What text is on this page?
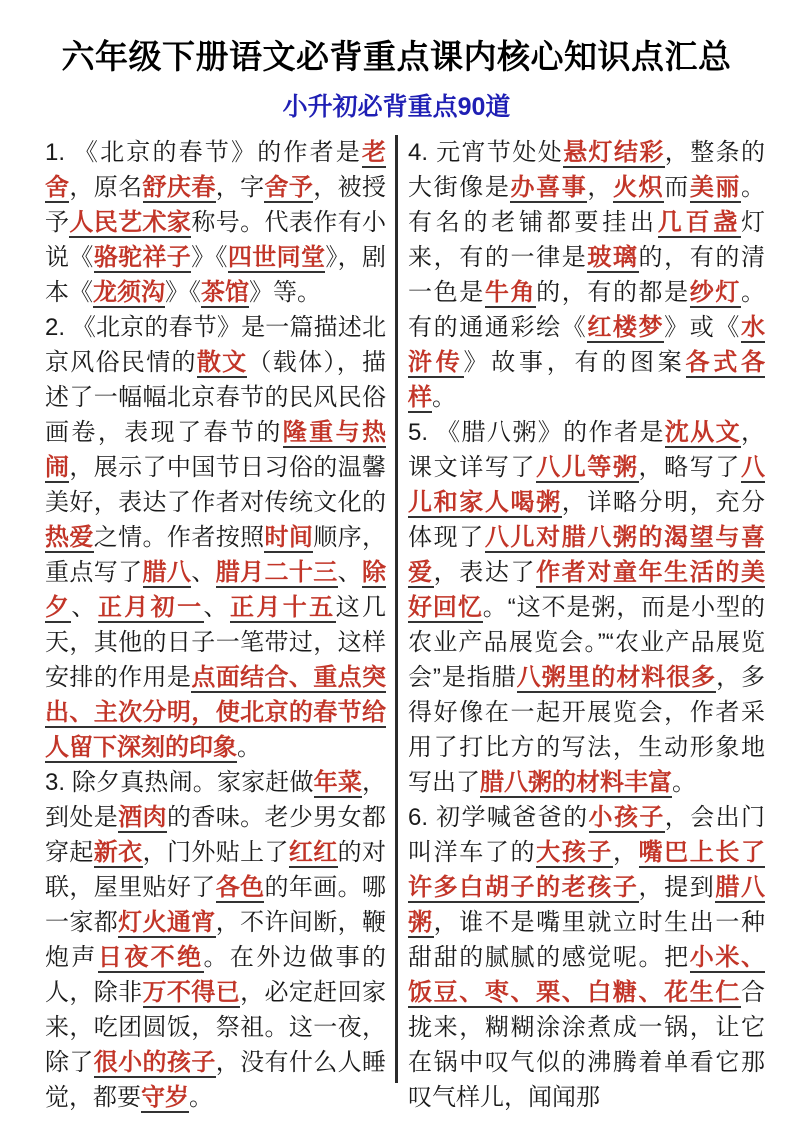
六年级下册语文必背重点课内核心知识点汇总
小升初必背重点90道

1. 《北京的春节》的作者是老舍，原名舒庆春，字舍予，被授予人民艺术家称号。代表作有小说《骆驼祥子》《四世同堂》，剧本《龙须沟》《茶馆》等。

2. 《北京的春节》是一篇描述北京风俗民情的散文（载体），描述了一幅幅北京春节的民风民俗画卷，表现了春节的隆重与热闹，展示了中国节日习俗的温馨美好，表达了作者对传统文化的热爱之情。作者按照时间顺序，重点写了腊八、腊月二十三、除夕、正月初一、正月十五这几天，其他的日子一笔带过，这样安排的作用是点面结合、重点突出、主次分明，使北京的春节给人留下深刻的印象。

3. 除夕真热闹。家家赶做年菜，到处是酒肉的香味。老少男女都穿起新衣，门外贴上了红红的对联，屋里贴好了各色的年画。哪一家都灯火通宵，不许间断，鞭炮声日夜不绝。在外边做事的人，除非万不得已，必定赶回家来，吃团圆饭，祭祖。这一夜，除了很小的孩子，没有什么人睡觉，都要守岁。

4. 元宵节处处悬灯结彩，整条的大街像是办喜事，火炽而美丽。有名的老铺都要挂出几百盏灯来，有的一律是玻璃的，有的清一色是牛角的，有的都是纱灯。有的通通彩绘《红楼梦》或《水浒传》故事，有的图案各式各样。

5. 《腊八粥》的作者是沈从文，课文详写了八儿等粥，略写了八儿和家人喝粥，详略分明，充分体现了八儿对腊八粥的渴望与喜爱，表达了作者对童年生活的美好回忆。“这不是粥，而是小型的农业产品展览会。”“农业产品展览会”是指腊八粥里的材料很多，多得好像在一起开展览会，作者采用了打比方的写法，生动形象地写出了腊八粥的材料丰富。

6. 初学喊爸爸的小孩子，会出门叫洋车了的大孩子，嘴巴上长了许多白胡子的老孩子，提到腊八粥，谁不是嘴里就立时生出一种甜甜的腻腻的感觉呢。把小米、饭豆、枣、栗、白糖、花生仁合拢来，糊糊涂涂煮成一锅，让它在锅中叹气似的沸腾着单看它那叹气样儿，闻闻那
